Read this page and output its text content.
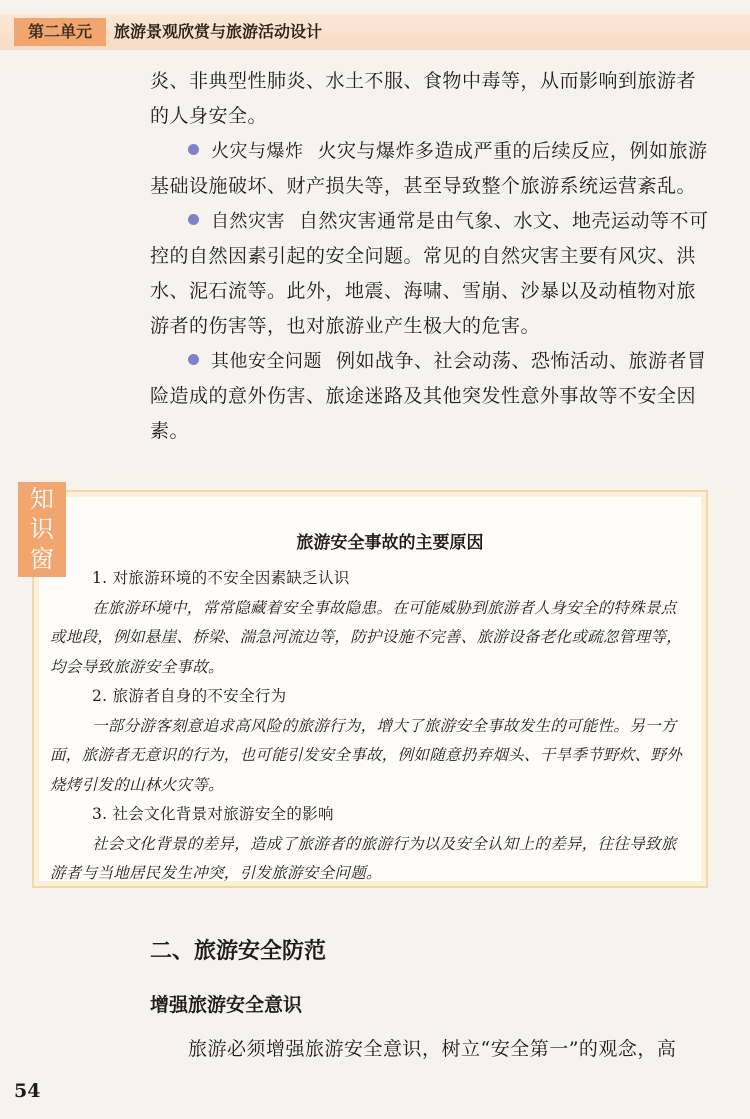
第二单元	旅游景观欣赏与旅游活动设计

炎、非典型性肺炎、水土不服、食物中毒等，从而影响到旅游者的人身安全。

火灾与爆炸 火灾与爆炸多造成严重的后续反应，例如旅游基础设施破坏、财产损失等，甚至导致整个旅游系统运营紊乱。

自然灾害 自然灾害通常是由气象、水文、地壳运动等不可控的自然因素引起的安全问题。常见的自然灾害主要有风灾、洪水、泥石流等。此外，地震、海啸、雪崩、沙暴以及动植物对旅游者的伤害等，也对旅游业产生极大的危害。

其他安全问题 例如战争、社会动荡、恐怖活动、旅游者冒险造成的意外伤害、旅途迷路及其他突发性意外事故等不安全因素。

知
识
窗
旅游安全事故的主要原因

1. 对旅游环境的不安全因素缺乏认识

在旅游环境中，常常隐藏着安全事故隐患。在可能威胁到旅游者人身安全的特殊景点或地段，例如悬崖、桥梁、湍急河流边等，防护设施不完善、旅游设备老化或疏忽管理等，均会导致旅游安全事故。

2. 旅游者自身的不安全行为

一部分游客刻意追求高风险的旅游行为，增大了旅游安全事故发生的可能性。另一方面，旅游者无意识的行为，也可能引发安全事故，例如随意扔弃烟头、干旱季节野炊、野外烧烤引发的山林火灾等。

3. 社会文化背景对旅游安全的影响

社会文化背景的差异，造成了旅游者的旅游行为以及安全认知上的差异，往往导致旅游者与当地居民发生冲突，引发旅游安全问题。

二、旅游安全防范
增强旅游安全意识

旅游必须增强旅游安全意识，树立“安全第一”的观念，高

54
